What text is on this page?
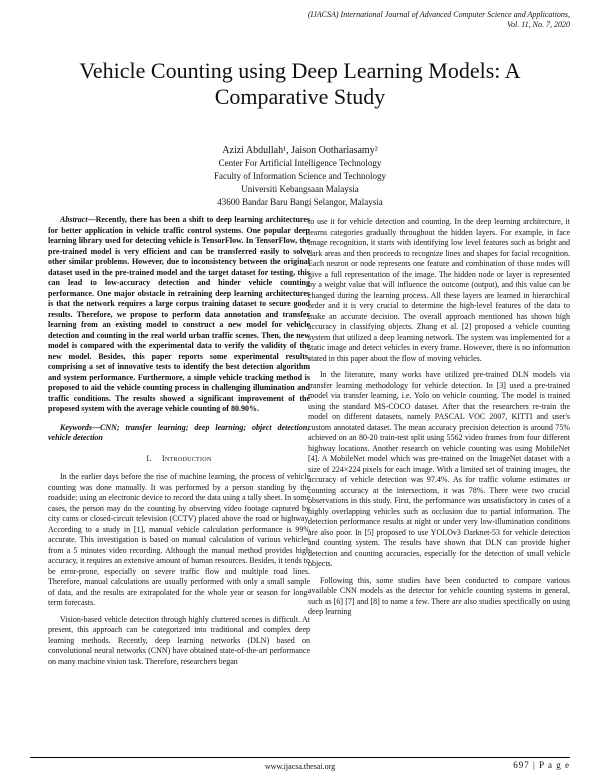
(IJACSA) International Journal of Advanced Computer Science and Applications,
Vol. 11, No. 7, 2020
Vehicle Counting using Deep Learning Models: A
Comparative Study
Azizi Abdullah¹, Jaison Oothariasamy²
Center For Artificial Intelligence Technology
Faculty of Information Science and Technology
Universiti Kebangsaan Malaysia
43600 Bandar Baru Bangi Selangor, Malaysia

Abstract—Recently, there has been a shift to deep learning architectures for better application in vehicle traffic control systems. One popular deep learning library used for detecting vehicle is TensorFlow. In TensorFlow, the pre-trained model is very efficient and can be transferred easily to solve other similar problems. However, due to inconsistency between the original dataset used in the pre-trained model and the target dataset for testing, this can lead to low-accuracy detection and hinder vehicle counting performance. One major obstacle in retraining deep learning architectures is that the network requires a large corpus training dataset to secure good results. Therefore, we propose to perform data annotation and transfer learning from an existing model to construct a new model for vehicle detection and counting in the real world urban traffic scenes. Then, the new model is compared with the experimental data to verify the validity of the new model. Besides, this paper reports some experimental results, comprising a set of innovative tests to identify the best detection algorithm and system performance. Furthermore, a simple vehicle tracking method is proposed to aid the vehicle counting process in challenging illumination and traffic conditions. The results showed a significant improvement of the proposed system with the average vehicle counting of 80.90%.

Keywords—CNN; transfer learning; deep learning; object detection; vehicle detection

I. Introduction

In the earlier days before the rise of machine learning, the process of vehicle counting was done manually. It was performed by a person standing by the roadside; using an electronic device to record the data using a tally sheet. In some cases, the person may do the counting by observing video footage captured by city cams or closed-circuit television (CCTV) placed above the road or highway. According to a study in [1], manual vehicle calculation performance is 99% accurate. This investigation is based on manual calculation of various vehicles from a 5 minutes video recording. Although the manual method provides high accuracy, it requires an extensive amount of human resources. Besides, it tends to be error-prone, especially on severe traffic flow and multiple road lines. Therefore, manual calculations are usually performed with only a small sample of data, and the results are extrapolated for the whole year or season for long-term forecasts.

Vision-based vehicle detection through highly cluttered scenes is difficult. At present, this approach can be categorized into traditional and complex deep learning methods. Recently, deep learning networks (DLN) based on convolutional neural networks (CNN) have obtained state-of-the-art performance on many machine vision task. Therefore, researchers began

to use it for vehicle detection and counting. In the deep learning architecture, it learns categories gradually throughout the hidden layers. For example, in face image recognition, it starts with identifying low level features such as bright and dark areas and then proceeds to recognize lines and shapes for facial recognition. Each neuron or node represents one feature and combination of those nodes will give a full representation of the image. The hidden node or layer is represented by a weight value that will influence the outcome (output), and this value can be changed during the learning process. All these layers are learned in hierarchical order and it is very crucial to determine the high-level features of the data to make an accurate decision. The overall approach mentioned has shown high accuracy in classifying objects. Zhang et al. [2] proposed a vehicle counting system that utilized a deep learning network. The system was implemented for a static image and detect vehicles in every frame. However, there is no information stated in this paper about the flow of moving vehicles.

In the literature, many works have utilized pre-trained DLN models via transfer learning methodology for vehicle detection. In [3] used a pre-trained model via transfer learning, i.e. Yolo on vehicle counting. The model is trained using the standard MS-COCO dataset. After that the researchers re-train the model on different datasets, namely PASCAL VOC 2007, KITTI and user's custom annotated dataset. The mean accuracy precision detection is around 75% achieved on an 80-20 train-test split using 5562 video frames from four different highway locations. Another research on vehicle counting was using MobileNet [4]. A MobileNet model which was pre-trained on the ImageNet dataset with a size of 224×224 pixels for each image. With a limited set of training images, the accuracy of vehicle detection was 97.4%. As for traffic volume estimates or counting accuracy at the intersections, it was 78%. There were two crucial observations in this study. First, the performance was unsatisfactory in cases of a highly overlapping vehicles such as occlusion due to partial information. The detection performance results at night or under very low-illumination conditions are also poor. In [5] proposed to use YOLOv3 Darknet-53 for vehicle detection and counting system. The results have shown that DLN can provide higher detection and counting accuracies, especially for the detection of small vehicle objects.

Following this, some studies have been conducted to compare various available CNN models as the detector for vehicle counting systems in general, such as [6] [7] and [8] to name a few. There are also studies specifically on using deep learning

www.ijacsa.thesai.org	697 | P a g e
